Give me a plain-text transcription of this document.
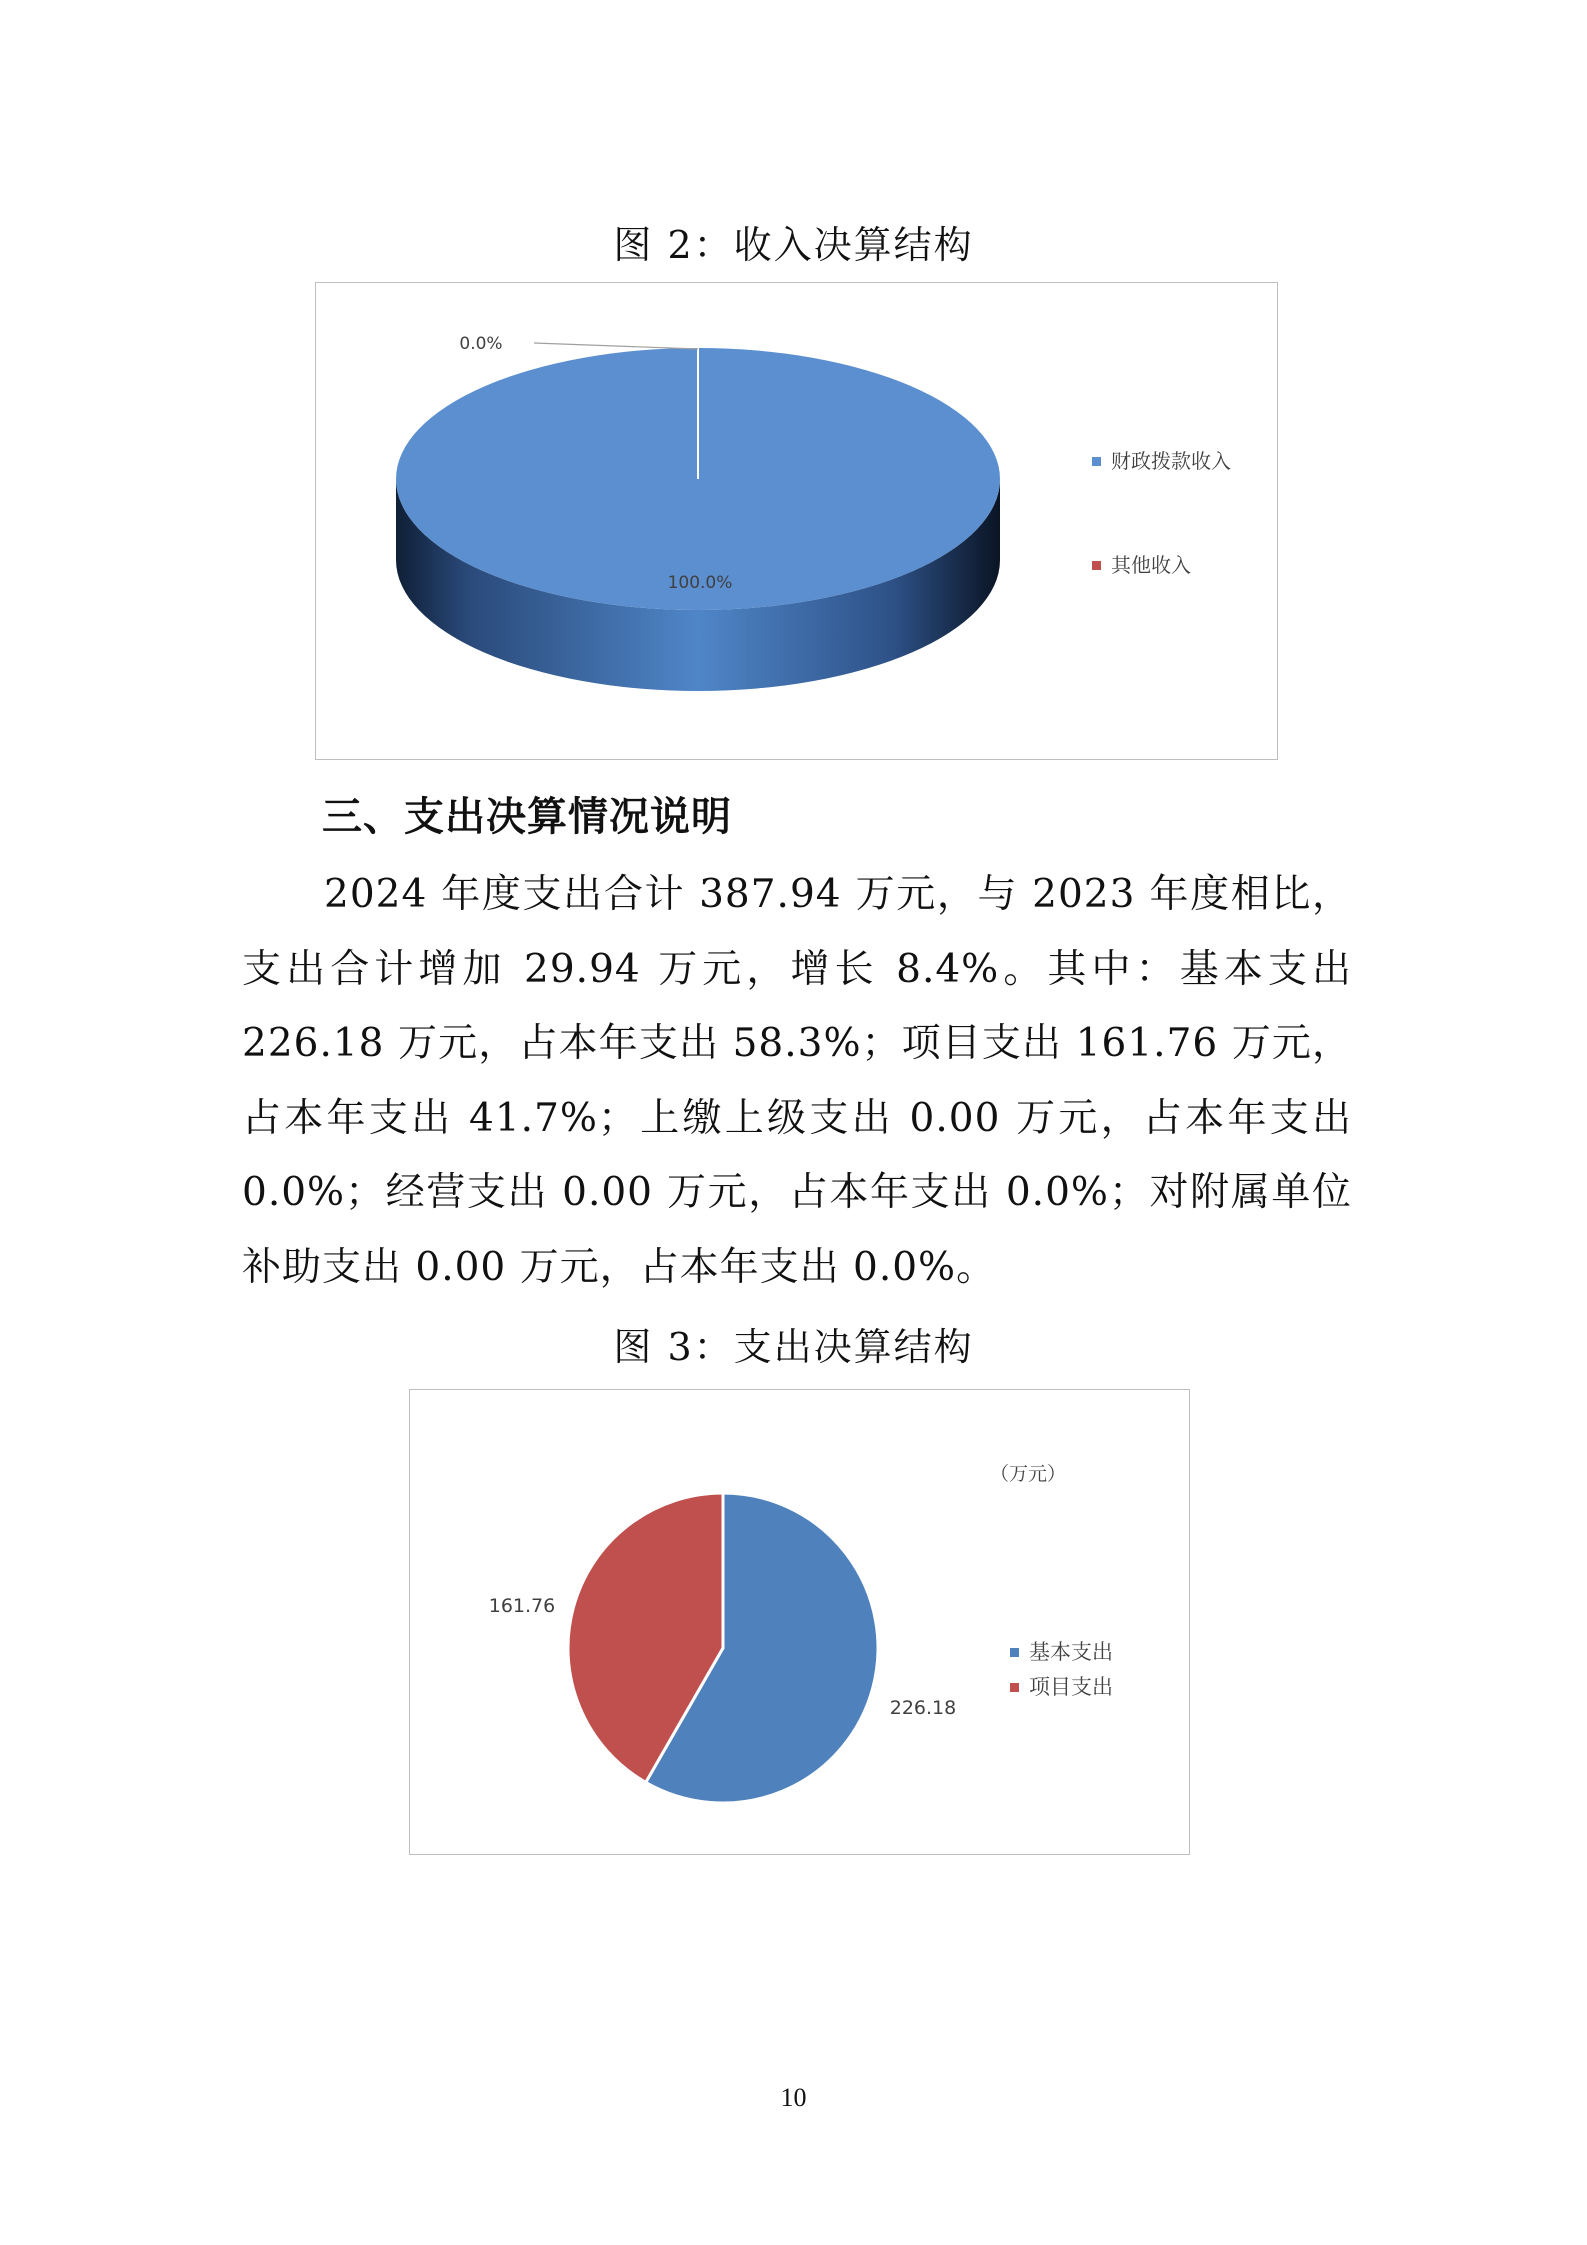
图 2：收入决算结构
100.0%
0.0%
财政拨款收入
其他收入
三、支出决算情况说明
2024 年度支出合计 387.94 万元，与 2023 年度相比，支出合计增加 29.94 万元，增长 8.4%。其中：基本支出 226.18 万元，占本年支出 58.3%；项目支出 161.76 万元，占本年支出 41.7%；上缴上级支出 0.00 万元，占本年支出 0.0%；经营支出 0.00 万元，占本年支出 0.0%；对附属单位补助支出 0.00 万元，占本年支出 0.0%。
图 3：支出决算结构
226.18
161.76
（万元）
基本支出
项目支出
10
